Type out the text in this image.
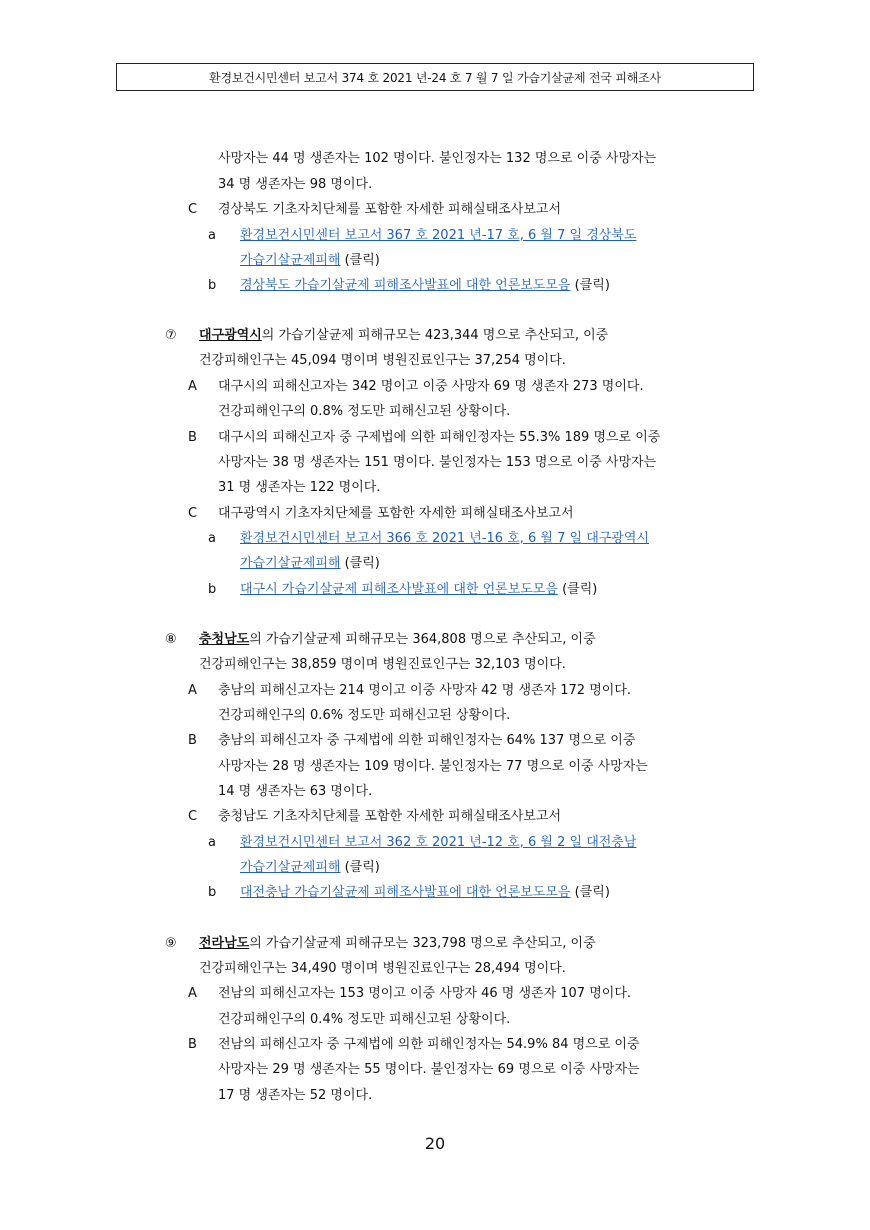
환경보건시민센터 보고서 374 호 2021 년-24 호 7 월 7 일 가습기살균제 전국 피해조사
사망자는 44 명 생존자는 102 명이다. 불인정자는 132 명으로 이중 사망자는
34 명 생존자는 98 명이다.
C 경상북도 기초자치단체를 포함한 자세한 피해실태조사보고서
a 환경보건시민센터 보고서 367 호 2021 년-17 호, 6 월 7 일 경상북도
가습기살균제피해 (클릭)
b 경상북도 가습기살균제 피해조사발표에 대한 언론보도모음 (클릭)
⑦ 대구광역시의 가습기살균제 피해규모는 423,344 명으로 추산되고, 이중
건강피해인구는 45,094 명이며 병원진료인구는 37,254 명이다.
A 대구시의 피해신고자는 342 명이고 이중 사망자 69 명 생존자 273 명이다.
건강피해인구의 0.8% 정도만 피해신고된 상황이다.
B 대구시의 피해신고자 중 구제법에 의한 피해인정자는 55.3% 189 명으로 이중
사망자는 38 명 생존자는 151 명이다. 불인정자는 153 명으로 이중 사망자는
31 명 생존자는 122 명이다.
C 대구광역시 기초자치단체를 포함한 자세한 피해실태조사보고서
a 환경보건시민센터 보고서 366 호 2021 년-16 호, 6 월 7 일 대구광역시
가습기살균제피해 (클릭)
b 대구시 가습기살균제 피해조사발표에 대한 언론보도모음 (클릭)
⑧ 충청남도의 가습기살균제 피해규모는 364,808 명으로 추산되고, 이중
건강피해인구는 38,859 명이며 병원진료인구는 32,103 명이다.
A 충남의 피해신고자는 214 명이고 이중 사망자 42 명 생존자 172 명이다.
건강피해인구의 0.6% 정도만 피해신고된 상황이다.
B 충남의 피해신고자 중 구제법에 의한 피해인정자는 64% 137 명으로 이중
사망자는 28 명 생존자는 109 명이다. 불인정자는 77 명으로 이중 사망자는
14 명 생존자는 63 명이다.
C 충청남도 기초자치단체를 포함한 자세한 피해실태조사보고서
a 환경보건시민센터 보고서 362 호 2021 년-12 호, 6 월 2 일 대전충남
가습기살균제피해 (클릭)
b 대전충남 가습기살균제 피해조사발표에 대한 언론보도모음 (클릭)
⑨ 전라남도의 가습기살균제 피해규모는 323,798 명으로 추산되고, 이중
건강피해인구는 34,490 명이며 병원진료인구는 28,494 명이다.
A 전남의 피해신고자는 153 명이고 이중 사망자 46 명 생존자 107 명이다.
건강피해인구의 0.4% 정도만 피해신고된 상황이다.
B 전남의 피해신고자 중 구제법에 의한 피해인정자는 54.9% 84 명으로 이중
사망자는 29 명 생존자는 55 명이다. 불인정자는 69 명으로 이중 사망자는
17 명 생존자는 52 명이다.
20
